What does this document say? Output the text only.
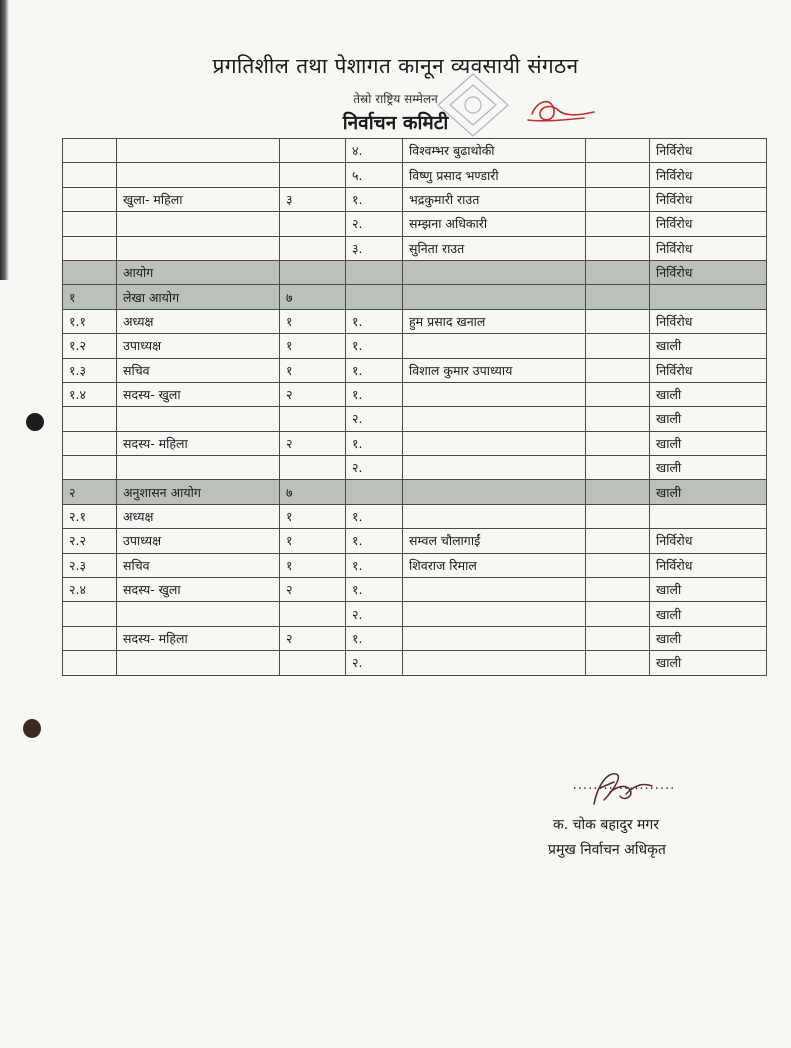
प्रगतिशील तथा पेशागत कानून व्यवसायी संगठन
तेस्रो राष्ट्रिय सम्मेलन
निर्वाचन कमिटी
			४.	विश्वम्भर बुढाथोकी		निर्विरोध
			५.	विष्णु प्रसाद भण्डारी		निर्विरोध
	खुला- महिला	३	१.	भद्रकुमारी राउत		निर्विरोध
			२.	सम्झना अधिकारी		निर्विरोध
			३.	सुनिता राउत		निर्विरोध
	आयोग					निर्विरोध
१	लेखा आयोग	७				
१.१	अध्यक्ष	१	१.	हुम प्रसाद खनाल		निर्विरोध
१.२	उपाध्यक्ष	१	१.			खाली
१.३	सचिव	१	१.	विशाल कुमार उपाध्याय		निर्विरोध
१.४	सदस्य- खुला	२	१.			खाली
			२.			खाली
	सदस्य- महिला	२	१.			खाली
			२.			खाली
२	अनुशासन आयोग	७				खाली
२.१	अध्यक्ष	१	१.			
२.२	उपाध्यक्ष	१	१.	सम्वल चौलागाईं		निर्विरोध
२.३	सचिव	१	१.	शिवराज रिमाल		निर्विरोध
२.४	सदस्य- खुला	२	१.			खाली
			२.			खाली
	सदस्य- महिला	२	१.			खाली
			२.			खाली
....................
क. चोक बहादुर मगर
प्रमुख निर्वाचन अधिकृत
